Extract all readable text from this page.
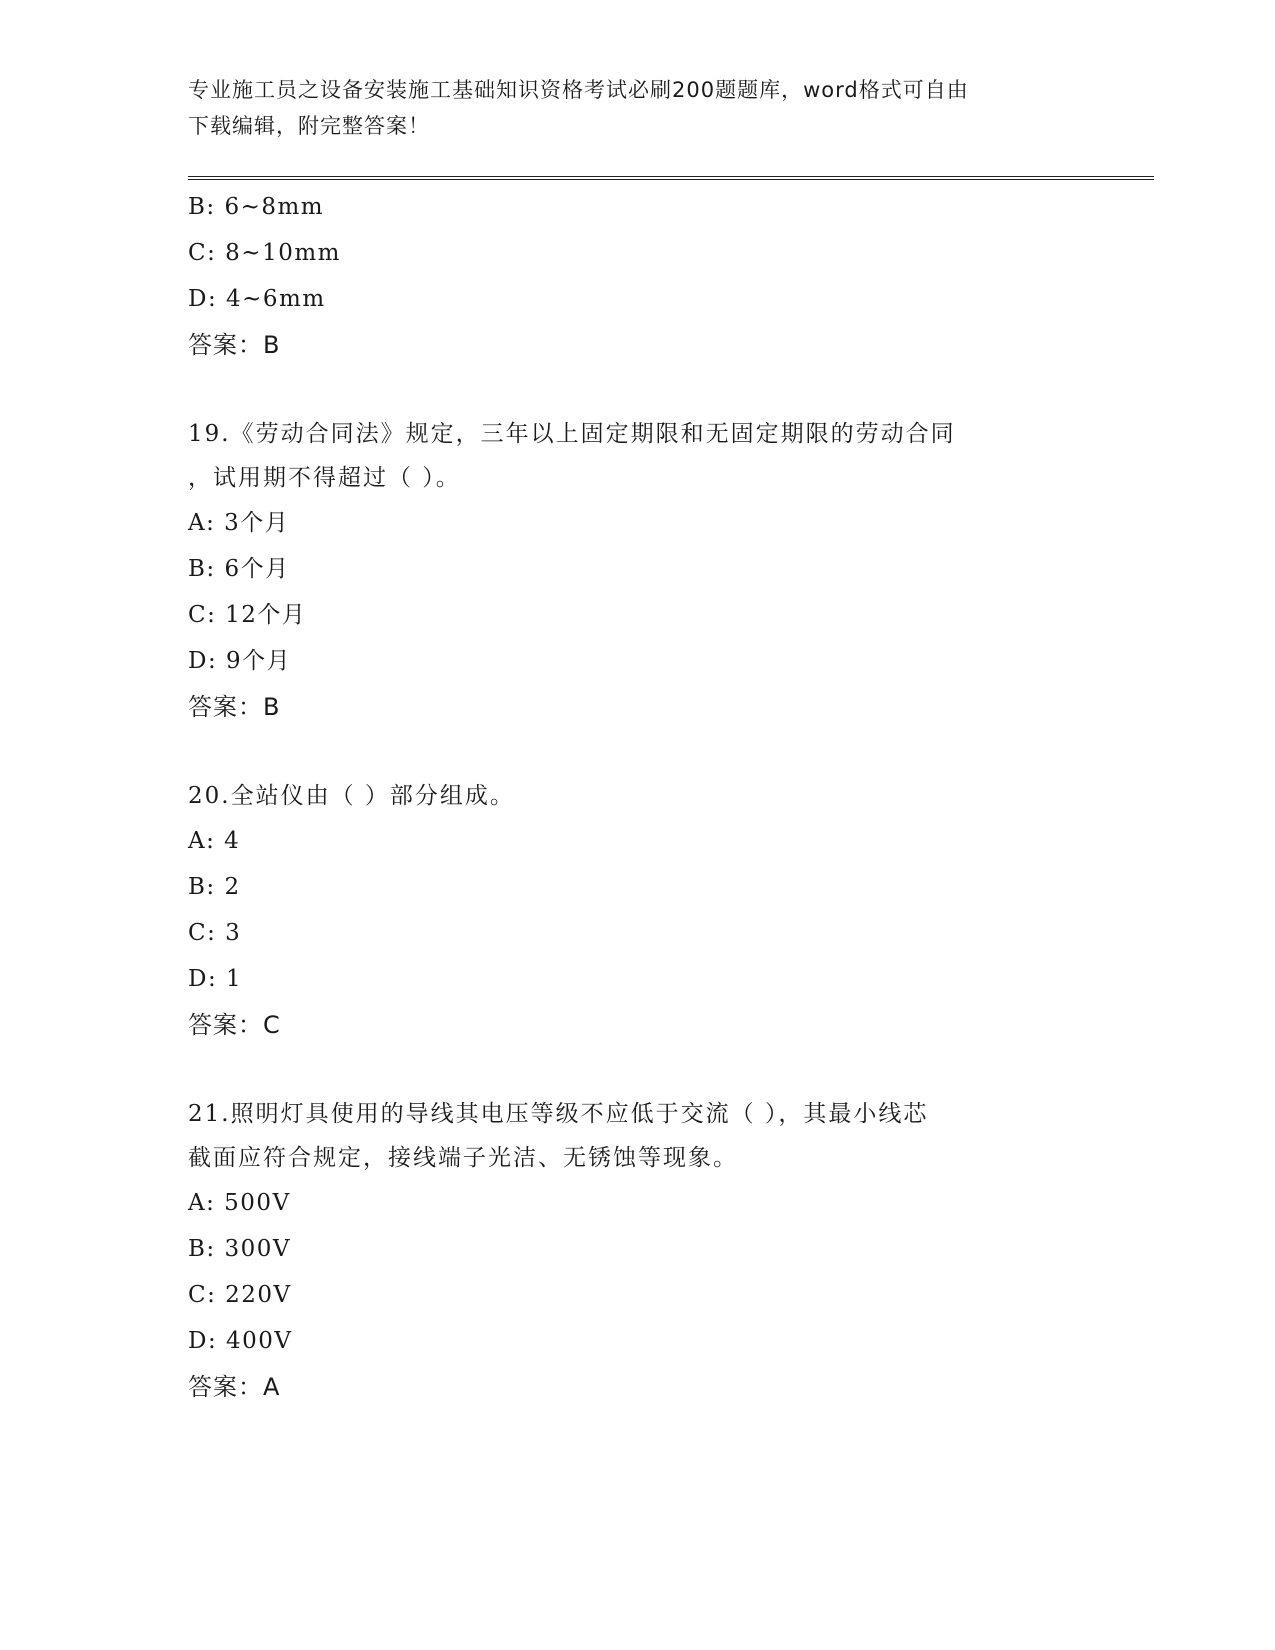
专业施工员之设备安装施工基础知识资格考试必刷200题题库，word格式可自由
下载编辑，附完整答案！
B: 6~8mm
C: 8~10mm
D: 4~6mm
答案：B
19.《劳动合同法》规定，三年以上固定期限和无固定期限的劳动合同
，试用期不得超过（ ）。
A: 3个月
B: 6个月
C: 12个月
D: 9个月
答案：B
20.全站仪由（ ）部分组成。
A: 4
B: 2
C: 3
D: 1
答案：C
21.照明灯具使用的导线其电压等级不应低于交流（ ），其最小线芯
截面应符合规定，接线端子光洁、无锈蚀等现象。
A: 500V
B: 300V
C: 220V
D: 400V
答案：A
